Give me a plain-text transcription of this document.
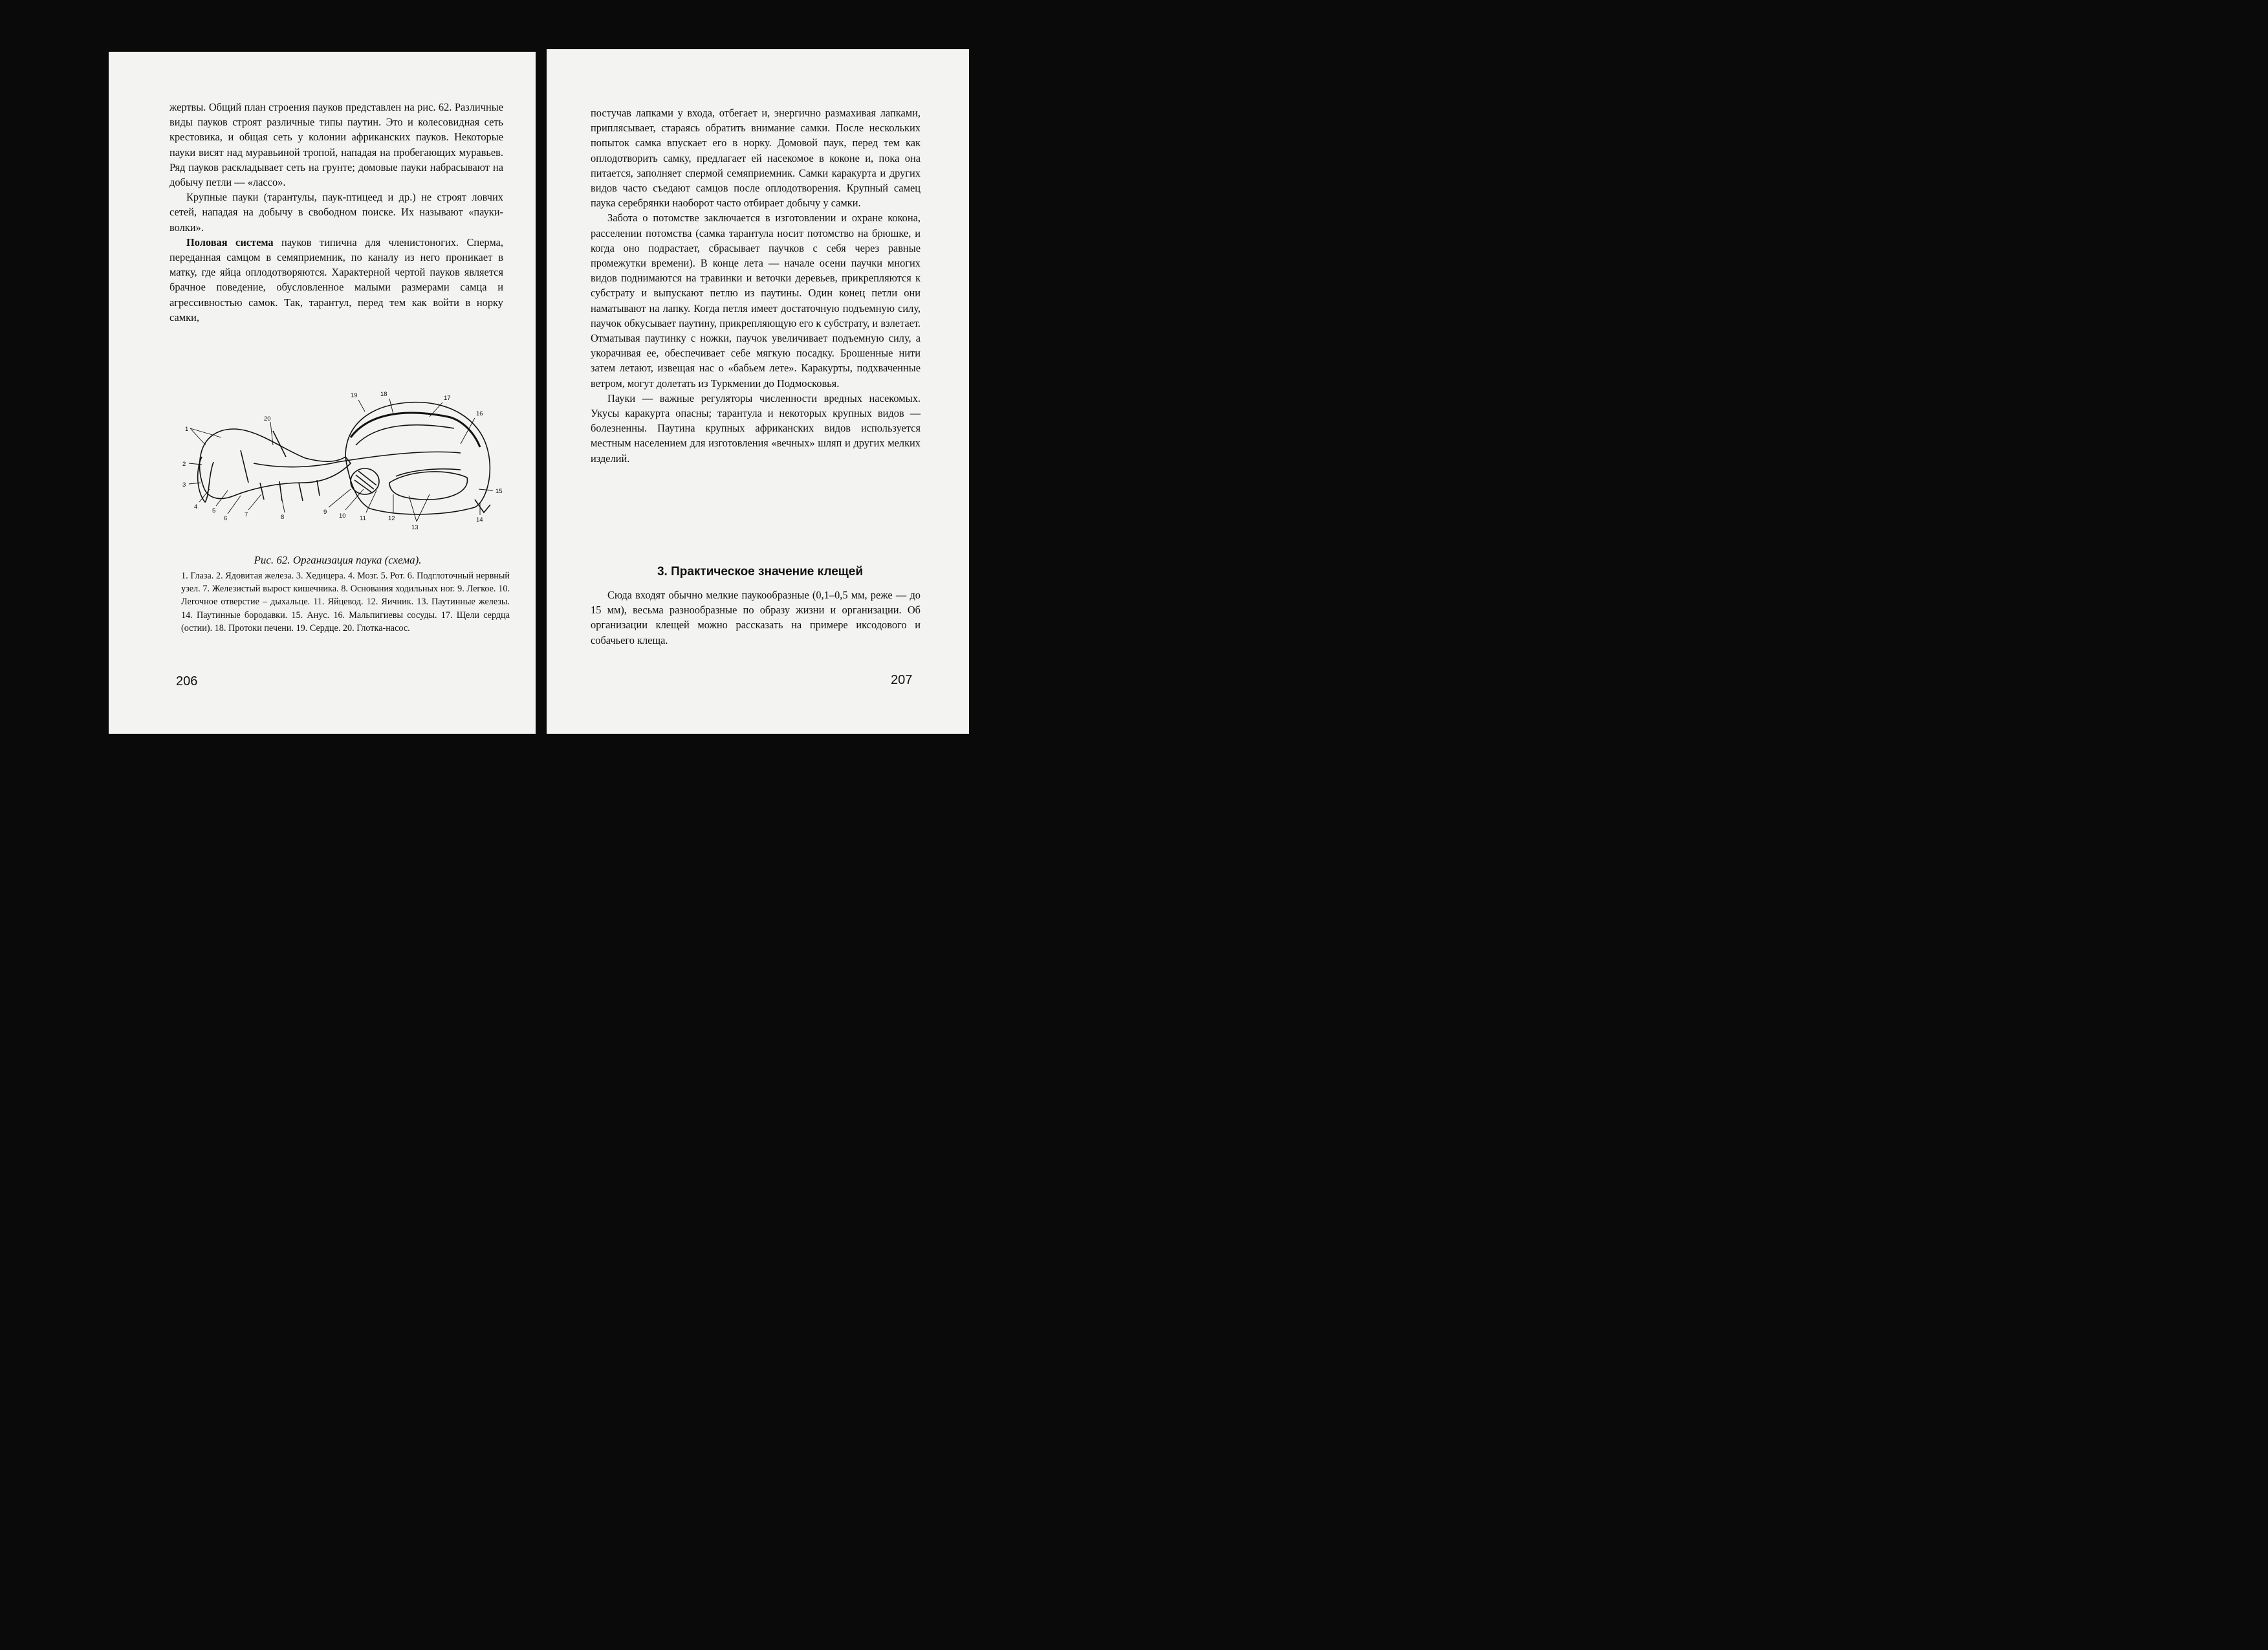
жертвы. Общий план строения пауков представлен на рис. 62. Различные виды пауков строят различные типы паутин. Это и колесовидная сеть крестовика, и общая сеть у колонии африканских пауков. Некоторые пауки висят над муравьиной тропой, нападая на пробегающих муравьев. Ряд пауков раскладывает сеть на грунте; домовые пауки набрасывают на добычу петли — «лассо».

Крупные пауки (тарантулы, паук-птицеед и др.) не строят ловчих сетей, нападая на добычу в свободном поиске. Их называют «пауки-волки».

Половая система пауков типична для членистоногих. Сперма, переданная самцом в семяприемник, по каналу из него проникает в матку, где яйца оплодотворяются. Характерной чертой пауков является брачное поведение, обусловленное малыми размерами самца и агрессивностью самок. Так, тарантул, перед тем как войти в норку самки,

1
2
3
4
5
6
7	8
9
10 11	12
13
14
15
16
17
18
19
20
Рис. 62. Организация паука (схема).
1. Глаза. 2. Ядовитая железа. 3. Хедицера. 4. Мозг. 5. Рот. 6. Подглоточный нервный узел. 7. Железистый вырост кишечника. 8. Основания ходильных ног. 9. Легкое. 10. Легочное отверстие – дыхальце. 11. Яйцевод. 12. Яичник. 13. Паутинные железы. 14. Паутинные бородавки. 15. Анус. 16. Мальпигиевы сосуды. 17. Щели сердца (остии). 18. Протоки печени. 19. Сердце. 20. Глотка-насос.
206

постучав лапками у входа, отбегает и, энергично размахивая лапками, приплясывает, стараясь обратить внимание самки. После нескольких попыток самка впускает его в норку. Домовой паук, перед тем как оплодотворить самку, предлагает ей насекомое в коконе и, пока она питается, заполняет спермой семяприемник. Самки каракурта и других видов часто съедают самцов после оплодотворения. Крупный самец паука серебрянки наоборот часто отбирает добычу у самки.

Забота о потомстве заключается в изготовлении и охране кокона, расселении потомства (самка тарантула носит потомство на брюшке, и когда оно подрастает, сбрасывает паучков с себя через равные промежутки времени). В конце лета — начале осени паучки многих видов поднимаются на травинки и веточки деревьев, прикрепляются к субстрату и выпускают петлю из паутины. Один конец петли они наматывают на лапку. Когда петля имеет достаточную подъемную силу, паучок обкусывает паутину, прикрепляющую его к субстрату, и взлетает. Отматывая паутинку с ножки, паучок увеличивает подъемную силу, а укорачивая ее, обеспечивает себе мягкую посадку. Брошенные нити затем летают, извещая нас о «бабьем лете». Каракурты, подхваченные ветром, могут долетать из Туркмении до Подмосковья.

Пауки — важные регуляторы численности вредных насекомых. Укусы каракурта опасны; тарантула и некоторых крупных видов — болезненны. Паутина крупных африканских видов используется местным населением для изготовления «вечных» шляп и других мелких изделий.

3. Практическое значение клещей

Сюда входят обычно мелкие паукообразные (0,1–0,5 мм, реже — до 15 мм), весьма разнообразные по образу жизни и организации. Об организации клещей можно рассказать на примере иксодового и собачьего клеща.

207
